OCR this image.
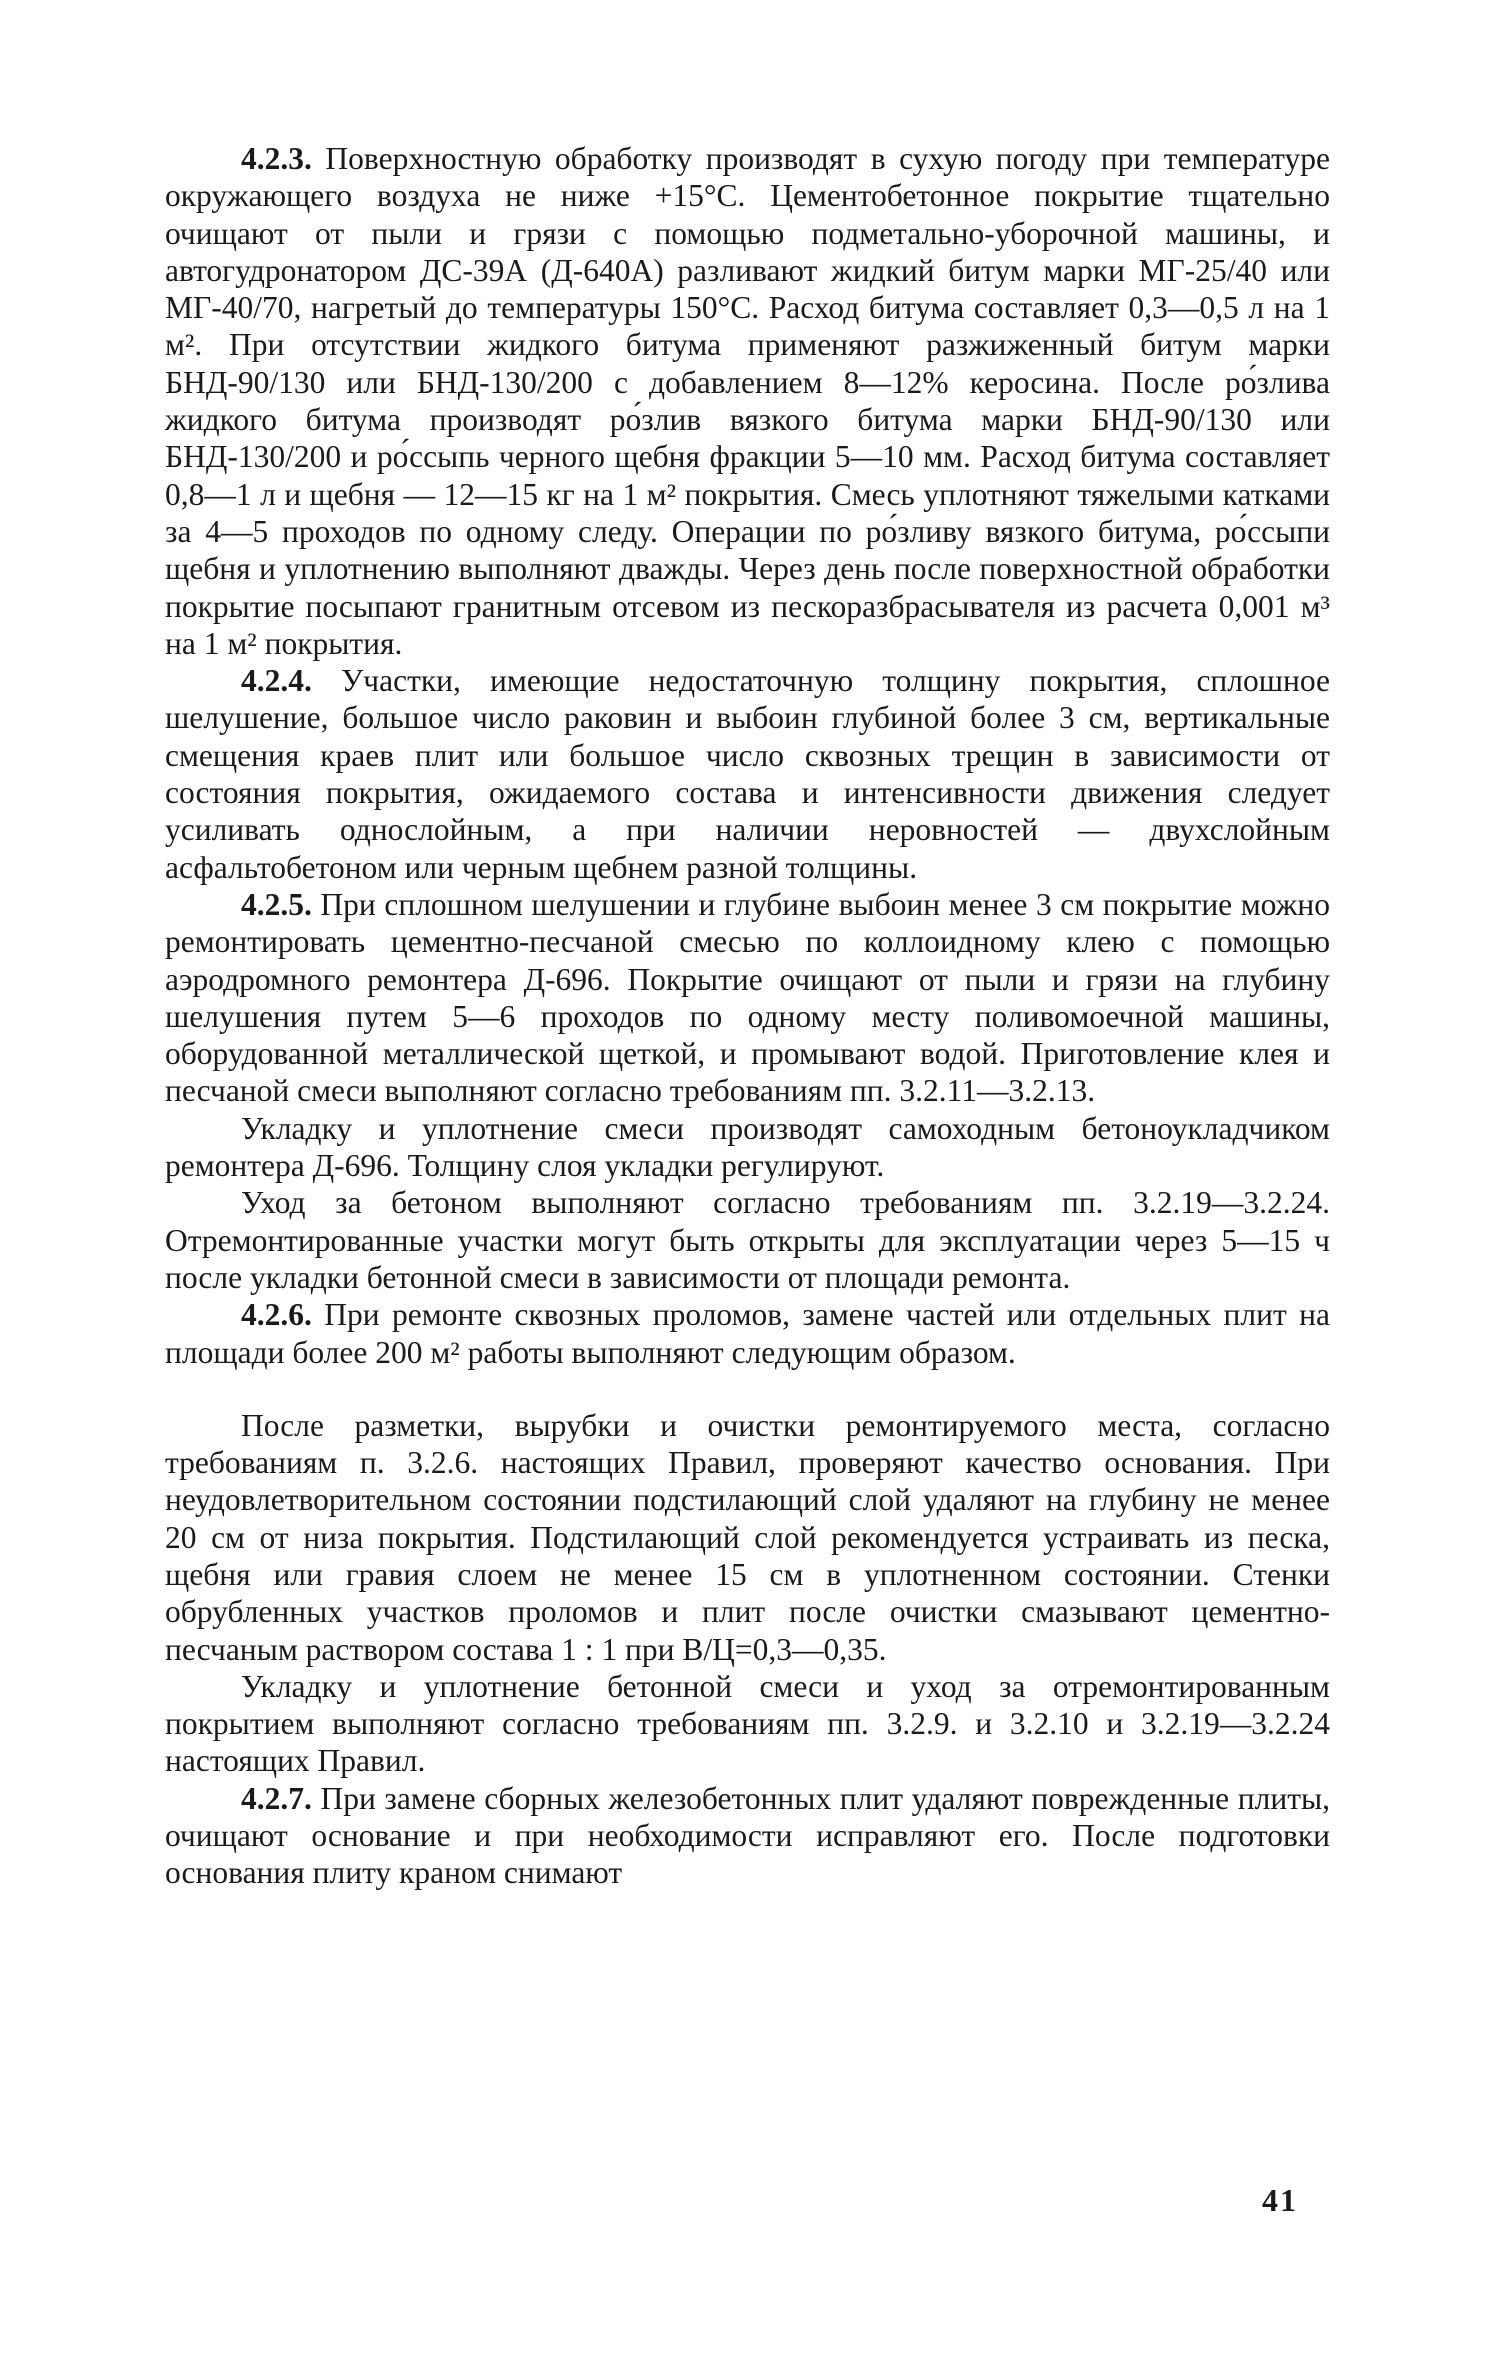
4.2.3. Поверхностную обработку производят в сухую погоду при температуре окружающего воздуха не ниже +15°С. Цементобетонное покрытие тщательно очищают от пыли и грязи с помощью подметально-уборочной машины, и автогудронатором ДС-39А (Д-640А) разливают жидкий битум марки МГ-25/40 или МГ-40/70, нагретый до температуры 150°С. Расход битума составляет 0,3—0,5 л на 1 м². При отсутствии жидкого битума применяют разжиженный битум марки БНД-90/130 или БНД-130/200 с добавлением 8—12% керосина. После ро́злива жидкого битума производят ро́злив вязкого битума марки БНД-90/130 или БНД-130/200 и ро́ссыпь черного щебня фракции 5—10 мм. Расход битума составляет 0,8—1 л и щебня — 12—15 кг на 1 м² покрытия. Смесь уплотняют тяжелыми катками за 4—5 проходов по одному следу. Операции по ро́зливу вязкого битума, ро́ссыпи щебня и уплотнению выполняют дважды. Через день после поверхностной обработки покрытие посыпают гранитным отсевом из пескоразбрасывателя из расчета 0,001 м³ на 1 м² покрытия.

4.2.4. Участки, имеющие недостаточную толщину покрытия, сплошное шелушение, большое число раковин и выбоин глубиной более 3 см, вертикальные смещения краев плит или большое число сквозных трещин в зависимости от состояния покрытия, ожидаемого состава и интенсивности движения следует усиливать однослойным, а при наличии неровностей — двухслойным асфальтобетоном или черным щебнем разной толщины.

4.2.5. При сплошном шелушении и глубине выбоин менее 3 см покрытие можно ремонтировать цементно-песчаной смесью по коллоидному клею с помощью аэродромного ремонтера Д-696. Покрытие очищают от пыли и грязи на глубину шелушения путем 5—6 проходов по одному месту поливомоечной машины, оборудованной металлической щеткой, и промывают водой. Приготовление клея и песчаной смеси выполняют согласно требованиям пп. 3.2.11—3.2.13.

Укладку и уплотнение смеси производят самоходным бетоноукладчиком ремонтера Д-696. Толщину слоя укладки регулируют.

Уход за бетоном выполняют согласно требованиям пп. 3.2.19—3.2.24. Отремонтированные участки могут быть открыты для эксплуатации через 5—15 ч после укладки бетонной смеси в зависимости от площади ремонта.

4.2.6. При ремонте сквозных проломов, замене частей или отдельных плит на площади более 200 м² работы выполняют следующим образом.

После разметки, вырубки и очистки ремонтируемого места, согласно требованиям п. 3.2.6. настоящих Правил, проверяют качество основания. При неудовлетворительном состоянии подстилающий слой удаляют на глубину не менее 20 см от низа покрытия. Подстилающий слой рекомендуется устраивать из песка, щебня или гравия слоем не менее 15 см в уплотненном состоянии. Стенки обрубленных участков проломов и плит после очистки смазывают цементно-песчаным раствором состава 1 : 1 при В/Ц=0,3—0,35.

Укладку и уплотнение бетонной смеси и уход за отремонтированным покрытием выполняют согласно требованиям пп. 3.2.9. и 3.2.10 и 3.2.19—3.2.24 настоящих Правил.

4.2.7. При замене сборных железобетонных плит удаляют поврежденные плиты, очищают основание и при необходимости исправляют его. После подготовки основания плиту краном снимают

41
